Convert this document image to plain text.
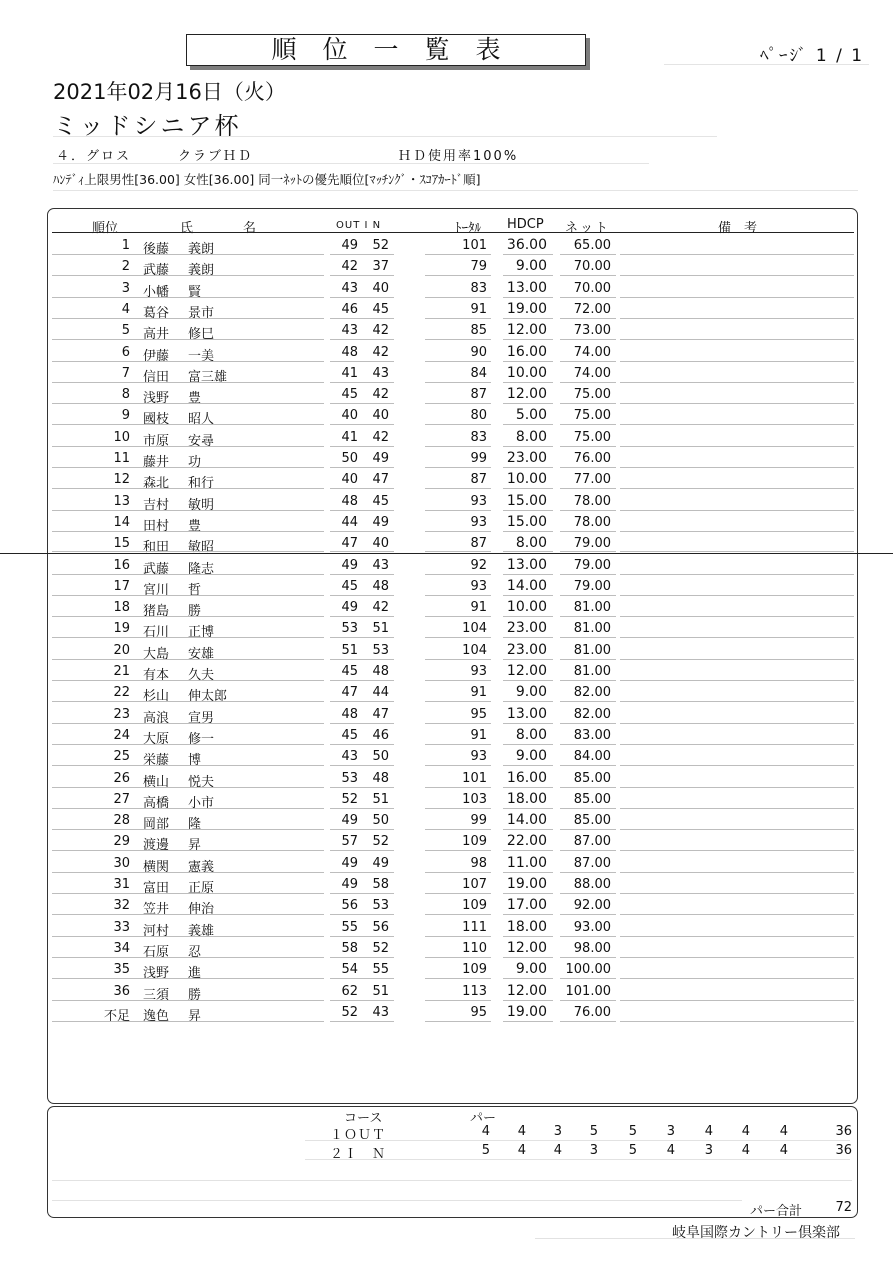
順位一覧表	ﾍﾟｰｼﾞ 1 / 1
2021年02月16日（火）
ミッドシニア杯
４．グロス	クラブＨＤ	ＨＤ使用率100%
ﾊﾝﾃﾞｨ上限男性[36.00] 女性[36.00] 同一ﾈｯﾄの優先順位[ﾏｯﾁﾝｸﾞ・ｽｺｱｶｰﾄﾞ順]
順位	氏　　名	OUT I N	ﾄｰﾀﾙ HDCP ネット	備　考
1 後藤 義朗	49	52	101	36.00	65.00
2 武藤 義朗	42	37	79	9.00	70.00
3 小幡 賢	43	40	83	13.00	70.00
4 葛谷 景市	46	45	91	19.00	72.00
5 高井 修巳	43	42	85	12.00	73.00
6 伊藤 一美	48	42	90	16.00	74.00
7 信田 富三雄	41	43	84	10.00	74.00
8 浅野 豊	45	42	87	12.00	75.00
9 國枝 昭人	40	40	80	5.00	75.00
10 市原 安尋	41	42	83	8.00	75.00
11 藤井 功	50	49	99	23.00	76.00
12 森北 和行	40	47	87	10.00	77.00
13 吉村 敏明	48	45	93	15.00	78.00
14 田村 豊	44	49	93	15.00	78.00
15 和田 敏昭	47	40	87	8.00	79.00
16 武藤 隆志	49	43	92	13.00	79.00
17 宮川 哲	45	48	93	14.00	79.00
18 猪島 勝	49	42	91	10.00	81.00
19 石川 正博	53	51	104	23.00	81.00
20 大島 安雄	51	53	104	23.00	81.00
21 有本 久夫	45	48	93	12.00	81.00
22 杉山 伸太郎	47	44	91	9.00	82.00
23 高浪 宣男	48	47	95	13.00	82.00
24 大原 修一	45	46	91	8.00	83.00
25 栄藤 博	43	50	93	9.00	84.00
26 横山 悦夫	53	48	101	16.00	85.00
27 高橋 小市	52	51	103	18.00	85.00
28 岡部 隆	49	50	99	14.00	85.00
29 渡邊 昇	57	52	109	22.00	87.00
30 横関 憲義	49	49	98	11.00	87.00
31 富田 正原	49	58	107	19.00	88.00
32 笠井 伸治	56	53	109	17.00	92.00
33 河村 義雄	55	56	111	18.00	93.00
34 石原 忍	58	52	110	12.00	98.00
35 浅野 進	54	55	109	9.00	100.00
36 三須 勝	62	51	113	12.00	101.00
不足 逸色 昇	52	43	95	19.00	76.00
コース	パー
１ＯＵＴ	4	4	3	5	5	3	4	4	4	36
２Ｉ　Ｎ	5	4	4	3	5	4	3	4	4	36
パー合計	72
岐阜国際カントリー倶楽部
